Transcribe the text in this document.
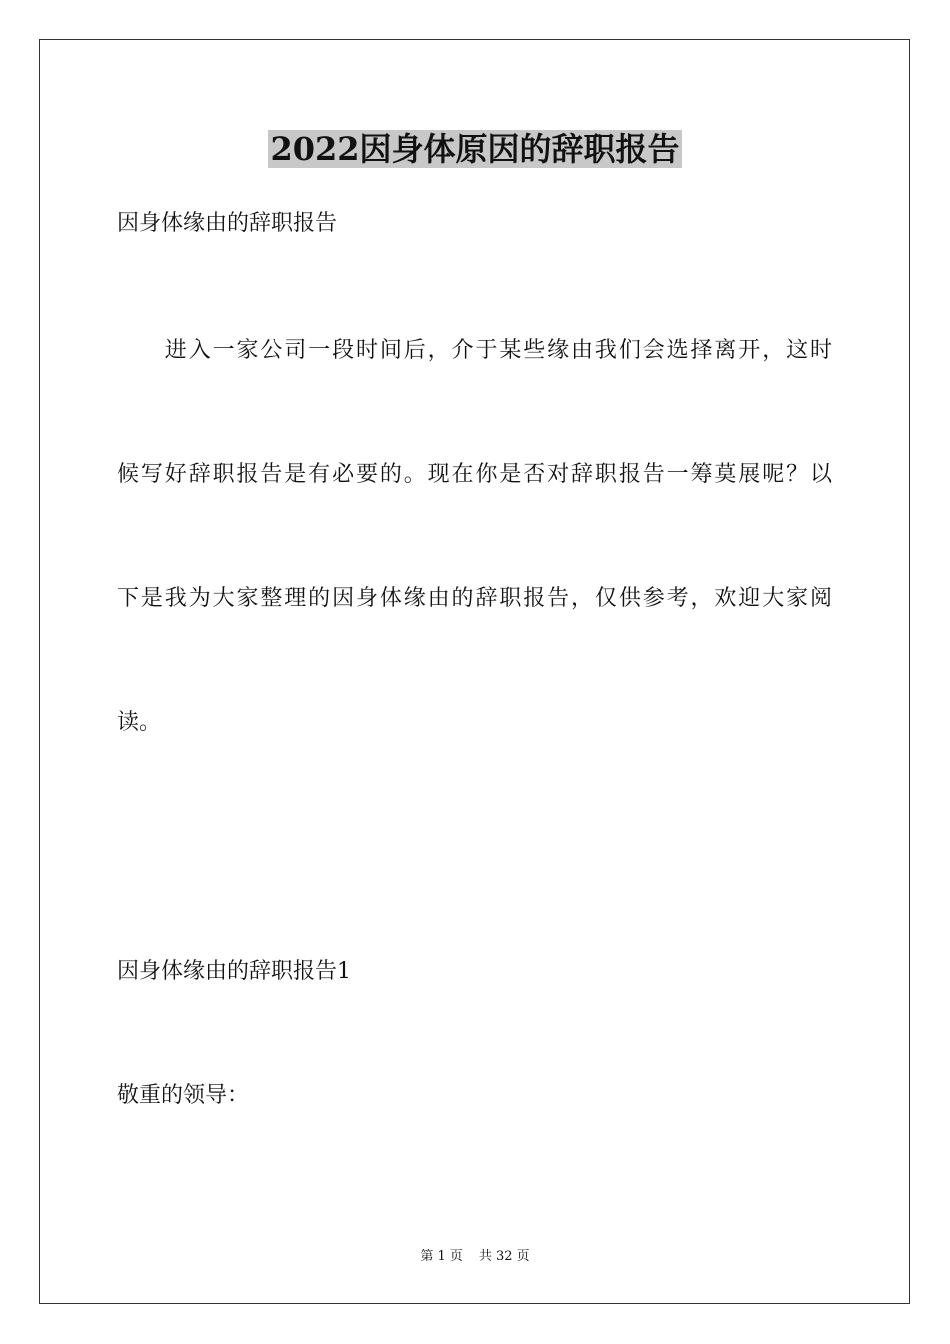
2022因身体原因的辞职报告
因身体缘由的辞职报告
　　进入一家公司一段时间后，介于某些缘由我们会选择离开，这时
候写好辞职报告是有必要的。现在你是否对辞职报告一筹莫展呢？以
下是我为大家整理的因身体缘由的辞职报告，仅供参考，欢迎大家阅
读。
因身体缘由的辞职报告1
敬重的领导：
第 1 页 共 32 页
